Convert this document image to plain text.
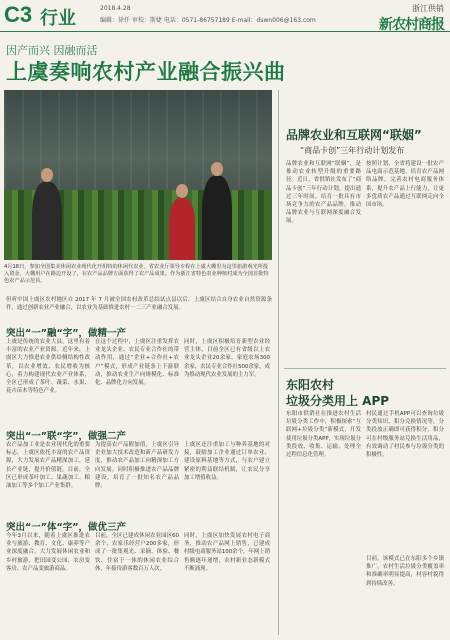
C3 行业	2018.4.28
编辑：徐仟 审校：斯婕 电话：0571-86757189 E-mail：dswn006@163.com
浙江供销
新农村商报
因产而兴 因融而活
上虞奏响农村产业融合振兴曲
4月18日，参加全国集美休闲农业现代化开组特的休闲代农业，省农业厅领导专程在上虞大棚里为这里旅游观光所投入资金，大棚用户在路边开设了，在农产品品牌方面获得了农产品成果。作为浙江省特色农业种植村成为全国首批特色农产品示范县。
但听中国上虞区农村地区自 2017 年 7 月被全国农村改革总结试点县以后，上虞区结合自身农业自然资源条件，通过创新农业产业融合，以农业为基础推进农村一二三产业融合发展。
突出“一”融“字”，做精一产
上虞是传统的农业大县，这里有着丰富的农业产业资源。近年来，上虞区大力推进农业供给侧结构性改革，以农业增效、农民增收为核心，着力构建现代农业产业体系，全区已形成了茶叶、蔬菜、水果、花卉苗木等特色产业。
在这个过程中，上虞区注重发挥农业龙头企业、农民专业合作社的带动作用，通过“企业+合作社+农户”模式，形成产业链条上下游联动，推动农业生产向规模化、标准化、品牌化方向发展。
同时，上虞区积极培育新型农业经营主体，目前全区已有省级以上农业龙头企业20余家，家庭农场300余家，农民专业合作社500余家，成为推动现代农业发展的主力军。
突出“一”联“字”，做强二产
农产品加工业是农业现代化的重要标志。上虞区依托丰富的农产品资源，大力发展农产品精深加工，延长产业链，提升价值链。目前，全区已形成茶叶加工、果蔬加工、粮油加工等多个加工产业集群。
为提高农产品附加值，上虞区引导企业加大技术改造和新产品研发力度，推动农产品加工向精深加工方向发展。同时积极推进农产品品牌建设，培育了一批知名农产品品牌。
上虞区还注重加工与种养基地的对接，鼓励加工企业通过订单农业、建设原料基地等方式，与农户建立紧密的利益联结机制，让农民分享加工增值收益。
突出“一”体“字”，做优三产
今年3月以来，随着上虞区推进农业与旅游、教育、文化、康养等产业深度融合，大力发展休闲农业和乡村旅游，把田园变公园、农房变客房、农产品变旅游商品。
目前，全区已建成休闲农业园区60余个，农家乐经营户200多家，形成了一批集观光、采摘、体验、餐饮、住宿于一体的休闲农业综合体，年接待游客数百万人次。
同时，上虞区加快发展农村电子商务，推动农产品网上销售，已建成村级电商服务站100余个，年网上销售额逐年递增，农村新业态新模式不断涌现。
品牌农业和互联网“联姻”
“商品卡创”三年行动计划发布
品牌农业和互联网“联姻”，是推动农业转型升级的重要路径。近日，省供销社发布了“商品卡创”三年行动计划，提出通过三年时间，培育一批具有市场竞争力的农产品品牌，推动品牌农业与互联网深度融合发展。
按照计划，全省将建设一批农产品电商示范基地，培育农产品网络品牌，完善农村电商服务体系，提升农产品上行能力，让更多优质农产品通过互联网走向全国市场。
东阳农村
垃圾分类用上 APP
东阳市供销社在推进农村生活垃圾分类工作中，积极探索“互联网+垃圾分类”新模式，开发使用垃圾分类APP，实现垃圾分类投放、收集、运输、处理全过程信息化管理。
村民通过手机APP可以查询垃圾分类知识、积分兑换情况等，分类投放正确即可获得积分，积分可在村级服务站兑换生活用品，有效调动了村民参与垃圾分类的积极性。
目前，该模式已在东阳多个乡镇推广，农村生活垃圾分类覆盖率和准确率明显提高，村容村貌得到持续改善。
